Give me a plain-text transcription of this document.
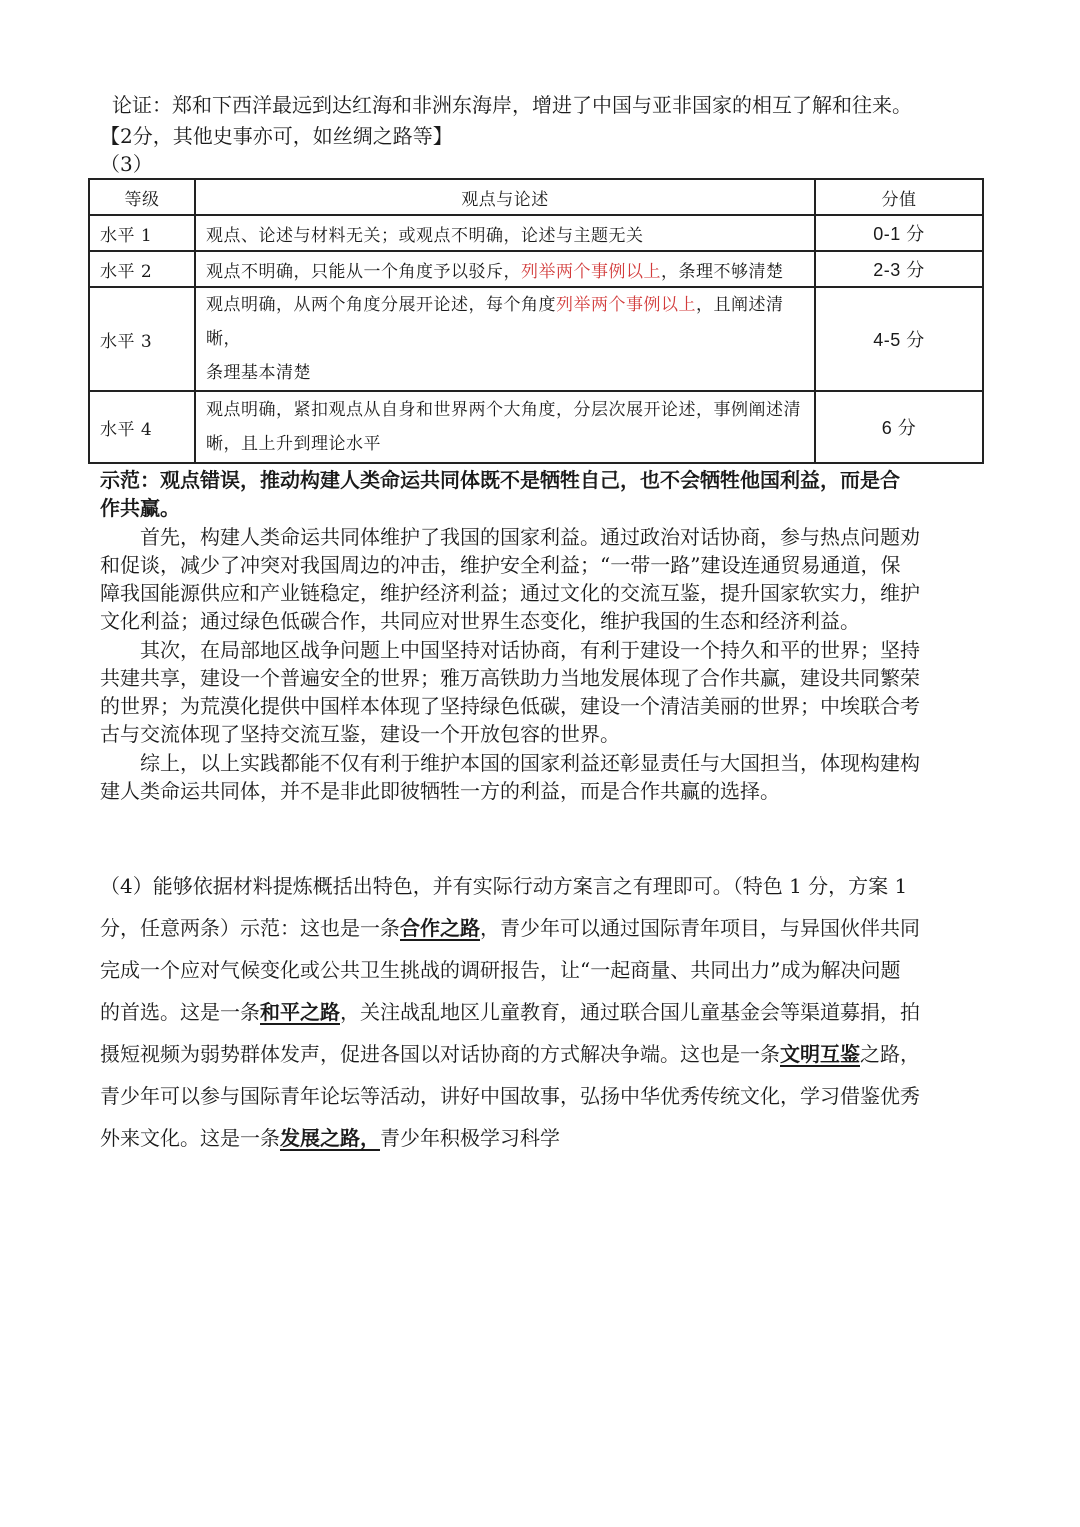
论证：郑和下西洋最远到达红海和非洲东海岸，增进了中国与亚非国家的相互了解和往来。
【2分，其他史事亦可，如丝绸之路等】
（3）
等级	观点与论述	分值
水平 1	观点、论述与材料无关；或观点不明确，论述与主题无关	0-1 分
水平 2	观点不明确，只能从一个角度予以驳斥，列举两个事例以上，条理不够清楚	2-3 分
水平 3	观点明确，从两个角度分展开论述，每个角度列举两个事例以上，且阐述清晰，
条理基本清楚	4-5 分
水平 4	观点明确，紧扣观点从自身和世界两个大角度，分层次展开论述，事例阐述清
晰，且上升到理论水平	6 分
示范：观点错误，推动构建人类命运共同体既不是牺牲自己，也不会牺牲他国利益，而是合
作共赢。
　　首先，构建人类命运共同体维护了我国的国家利益。通过政治对话协商，参与热点问题劝
和促谈，减少了冲突对我国周边的冲击，维护安全利益；“一带一路”建设连通贸易通道，保
障我国能源供应和产业链稳定，维护经济利益；通过文化的交流互鉴，提升国家软实力，维护
文化利益；通过绿色低碳合作，共同应对世界生态变化，维护我国的生态和经济利益。
　　其次，在局部地区战争问题上中国坚持对话协商，有利于建设一个持久和平的世界；坚持
共建共享，建设一个普遍安全的世界；雅万高铁助力当地发展体现了合作共赢，建设共同繁荣
的世界；为荒漠化提供中国样本体现了坚持绿色低碳，建设一个清洁美丽的世界；中埃联合考
古与交流体现了坚持交流互鉴，建设一个开放包容的世界。
　　综上，以上实践都能不仅有利于维护本国的国家利益还彰显责任与大国担当，体现构建构
建人类命运共同体，并不是非此即彼牺牲一方的利益，而是合作共赢的选择。
（4）能够依据材料提炼概括出特色，并有实际行动方案言之有理即可。（特色 1 分，方案 1
分，任意两条）示范：这也是一条合作之路，青少年可以通过国际青年项目，与异国伙伴共同
完成一个应对气候变化或公共卫生挑战的调研报告，让“一起商量、共同出力”成为解决问题
的首选。这是一条和平之路，关注战乱地区儿童教育，通过联合国儿童基金会等渠道募捐，拍
摄短视频为弱势群体发声，促进各国以对话协商的方式解决争端。这也是一条文明互鉴之路，
青少年可以参与国际青年论坛等活动，讲好中国故事，弘扬中华优秀传统文化，学习借鉴优秀
外来文化。这是一条发展之路，青少年积极学习科学
